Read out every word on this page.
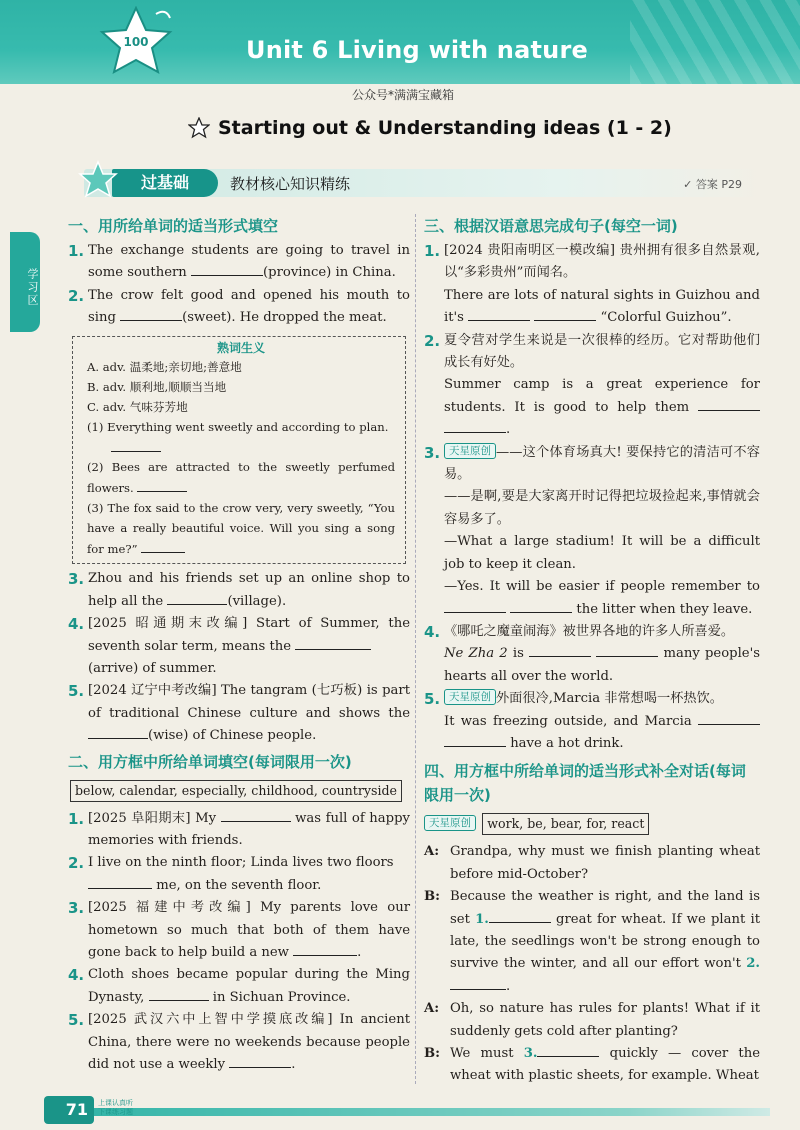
100	Unit 6 Living with nature
公众号*满满宝藏箱
Starting out & Understanding ideas (1 - 2)
过基础	教材核心知识精练	✓ 答案 P29
学习区
一、用所给单词的适当形式填空
1. The exchange students are going to travel in some southern	(province) in China.
2. The crow felt good and opened his mouth to sing	(sweet). He dropped the meat.
熟词生义

A. adv. 温柔地;亲切地;善意地

B. adv. 顺利地,顺顺当当地

C. adv. 气味芬芳地

(1) Everything went sweetly and according to plan.

(2) Bees are attracted to the sweetly perfumed flowers.

(3) The fox said to the crow very, very sweetly, “You have a really beautiful voice. Will you sing a song for me?”

3. Zhou and his friends set up an online shop to help all the	(village).
4. [2025 昭通期末改编] Start of Summer, the seventh solar term, means the
(arrive) of summer.
5. [2024 辽宁中考改编] The tangram (七巧板) is part of traditional Chinese culture and shows the (wise) of Chinese people.
二、用方框中所给单词填空(每词限用一次)
below, calendar, especially, childhood, countryside
1. [2025 阜阳期末] My	was full of happy memories with friends.
2. I live on the ninth floor; Linda lives two floors
me, on the seventh floor.
3. [2025 福建中考改编] My parents love our hometown so much that both of them have gone back to help build a new	.
4. Cloth shoes became popular during the Ming Dynasty,	in Sichuan Province.
5. [2025 武汉六中上智中学摸底改编] In ancient China, there were no weekends because people did not use a weekly	.
三、根据汉语意思完成句子(每空一词)
1. [2024 贵阳南明区一模改编] 贵州拥有很多自然景观,以“多彩贵州”而闻名。
There are lots of natural sights in Guizhou and it's	“Colorful Guizhou”.
2. 夏令营对学生来说是一次很棒的经历。它对帮助他们成长有好处。
Summer camp is a great experience for students. It is good to help them  .
3. 天星原创 ——这个体育场真大! 要保持它的清洁可不容易。
——是啊,要是大家离开时记得把垃圾捡起来,事情就会容易多了。
—What a large stadium! It will be a difficult job to keep it clean.
—Yes. It will be easier if people remember to   the litter when they leave.
4. 《哪吒之魔童闹海》被世界各地的许多人所喜爱。
Ne Zha 2 is	many people's hearts all over the world.
5. 天星原创 外面很冷,Marcia 非常想喝一杯热饮。
It was freezing outside, and Marcia   have a hot drink.
四、用方框中所给单词的适当形式补全对话(每词限用一次)
天星原创 work, be, bear, for, react
A: Grandpa, why must we finish planting wheat before mid-October?
B: Because the weather is right, and the land is set 1.	great for wheat. If we plant it late, the seedlings won't be strong enough to survive the winter, and all our effort won't 2..
A: Oh, so nature has rules for plants! What if it suddenly gets cold after planting?
B: We must 3.	quickly — cover the wheat with plastic sheets, for example. Wheat
71	上课认真听
下课练习题
